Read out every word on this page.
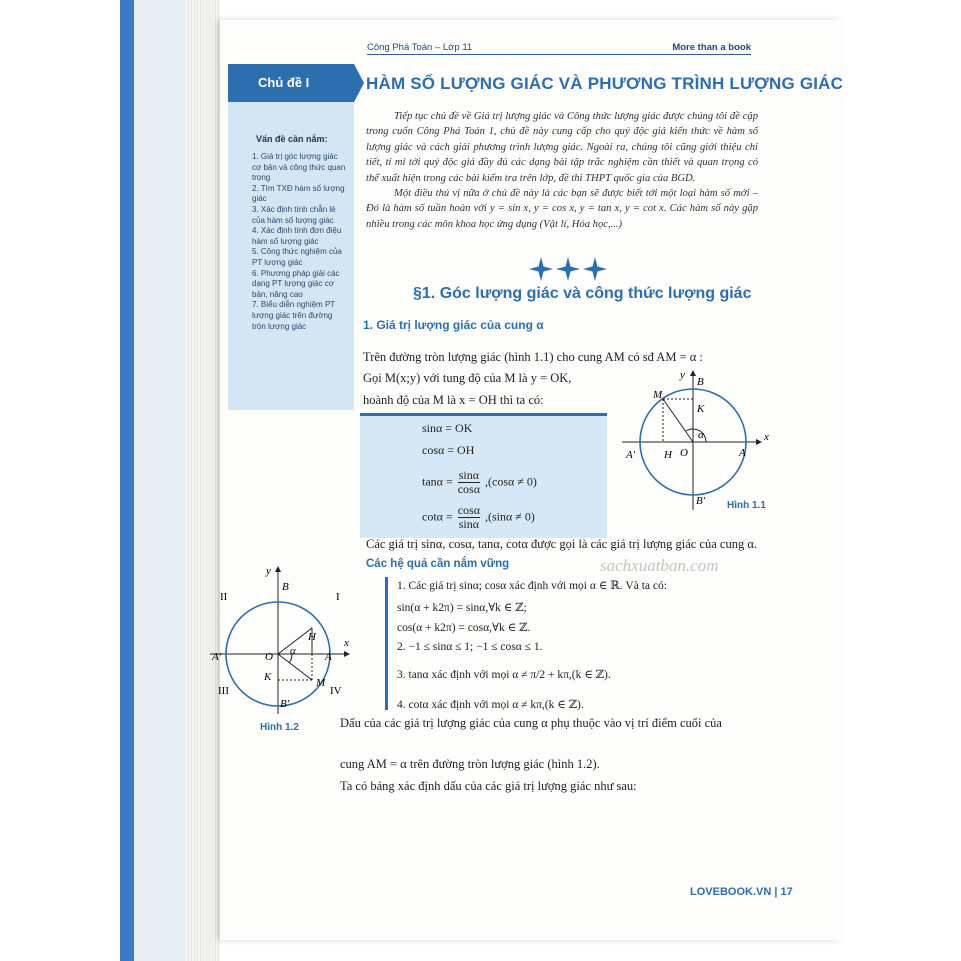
Công Phá Toán – Lớp 11	More than a book
Chủ đề I
Vấn đề cần nắm:
1. Giá trị góc lượng giác cơ bản và công thức quan trọng
2. Tìm TXĐ hàm số lượng giác
3. Xác định tính chẵn lẻ của hàm số lượng giác
4. Xác định tính đơn điệu hàm số lượng giác
5. Công thức nghiệm của PT lượng giác
6. Phương pháp giải các dạng PT lượng giác cơ bản, nâng cao
7. Biểu diễn nghiệm PT lượng giác trên đường tròn lượng giác
HÀM SỐ LƯỢNG GIÁC VÀ PHƯƠNG TRÌNH LƯỢNG GIÁC

Tiếp tục chủ đề về Giá trị lượng giác và Công thức lượng giác được chúng tôi đề cập trong cuốn Công Phá Toán 1, chủ đề này cung cấp cho quý độc giả kiến thức về hàm số lượng giác và cách giải phương trình lượng giác. Ngoài ra, chúng tôi cũng giới thiệu chi tiết, tỉ mỉ tới quý độc giả đầy đủ các dạng bài tập trắc nghiệm cần thiết và quan trọng có thể xuất hiện trong các bài kiểm tra trên lớp, đề thi THPT quốc gia của BGD.

Một điều thú vị nữa ở chủ đề này là các bạn sẽ được biết tới một loại hàm số mới – Đó là hàm số tuần hoàn với y = sin x, y = cos x, y = tan x, y = cot x. Các hàm số này gặp nhiều trong các môn khoa học ứng dụng (Vật lí, Hóa học,...)

§1. Góc lượng giác và công thức lượng giác
1. Giá trị lượng giác của cung α
Trên đường tròn lượng giác (hình 1.1) cho cung AM có sđ AM = α :
Gọi M(x;y) với tung độ của M là y = OK,
hoành độ của M là x = OH thì ta có:
sinα = OK
cosα = OH
$\tan\alpha = \frac{\sin\alpha}{\cos\alpha} ,(\cos\alpha \ne 0)$
$\cot\alpha = \frac{\cos\alpha}{\sin\alpha} ,(\sin\alpha \ne 0)$
y
x
B
M
K
α
A′	H O	A
B′ Hình 1.1
Các giá trị sinα, cosα, tanα, cotα được gọi là các giá trị lượng giác của cung α.
sachxuatban.com
Các hệ quả cần nắm vững
1. Các giá trị sinα; cosα xác định với mọi α ∈ ℝ. Và ta có:
sin(α + k2π) = sinα,∀k ∈ ℤ;
cos(α + k2π) = cosα,∀k ∈ ℤ.
2. −1 ≤ sinα ≤ 1; −1 ≤ cosα ≤ 1.
3. tanα xác định với mọi α ≠ π/2 + kπ,(k ∈ ℤ).
4. cotα xác định với mọi α ≠ kπ,(k ∈ ℤ).
y
x
B
I
II
III	IV
H
A′	O α	A
K	M
B′
Hình 1.2	Dấu của các giá trị lượng giác của cung α phụ thuộc vào vị trí điểm cuối của
cung AM = α trên đường tròn lượng giác (hình 1.2).
Ta có bảng xác định dấu của các giá trị lượng giác như sau:
LOVEBOOK.VN | 17
